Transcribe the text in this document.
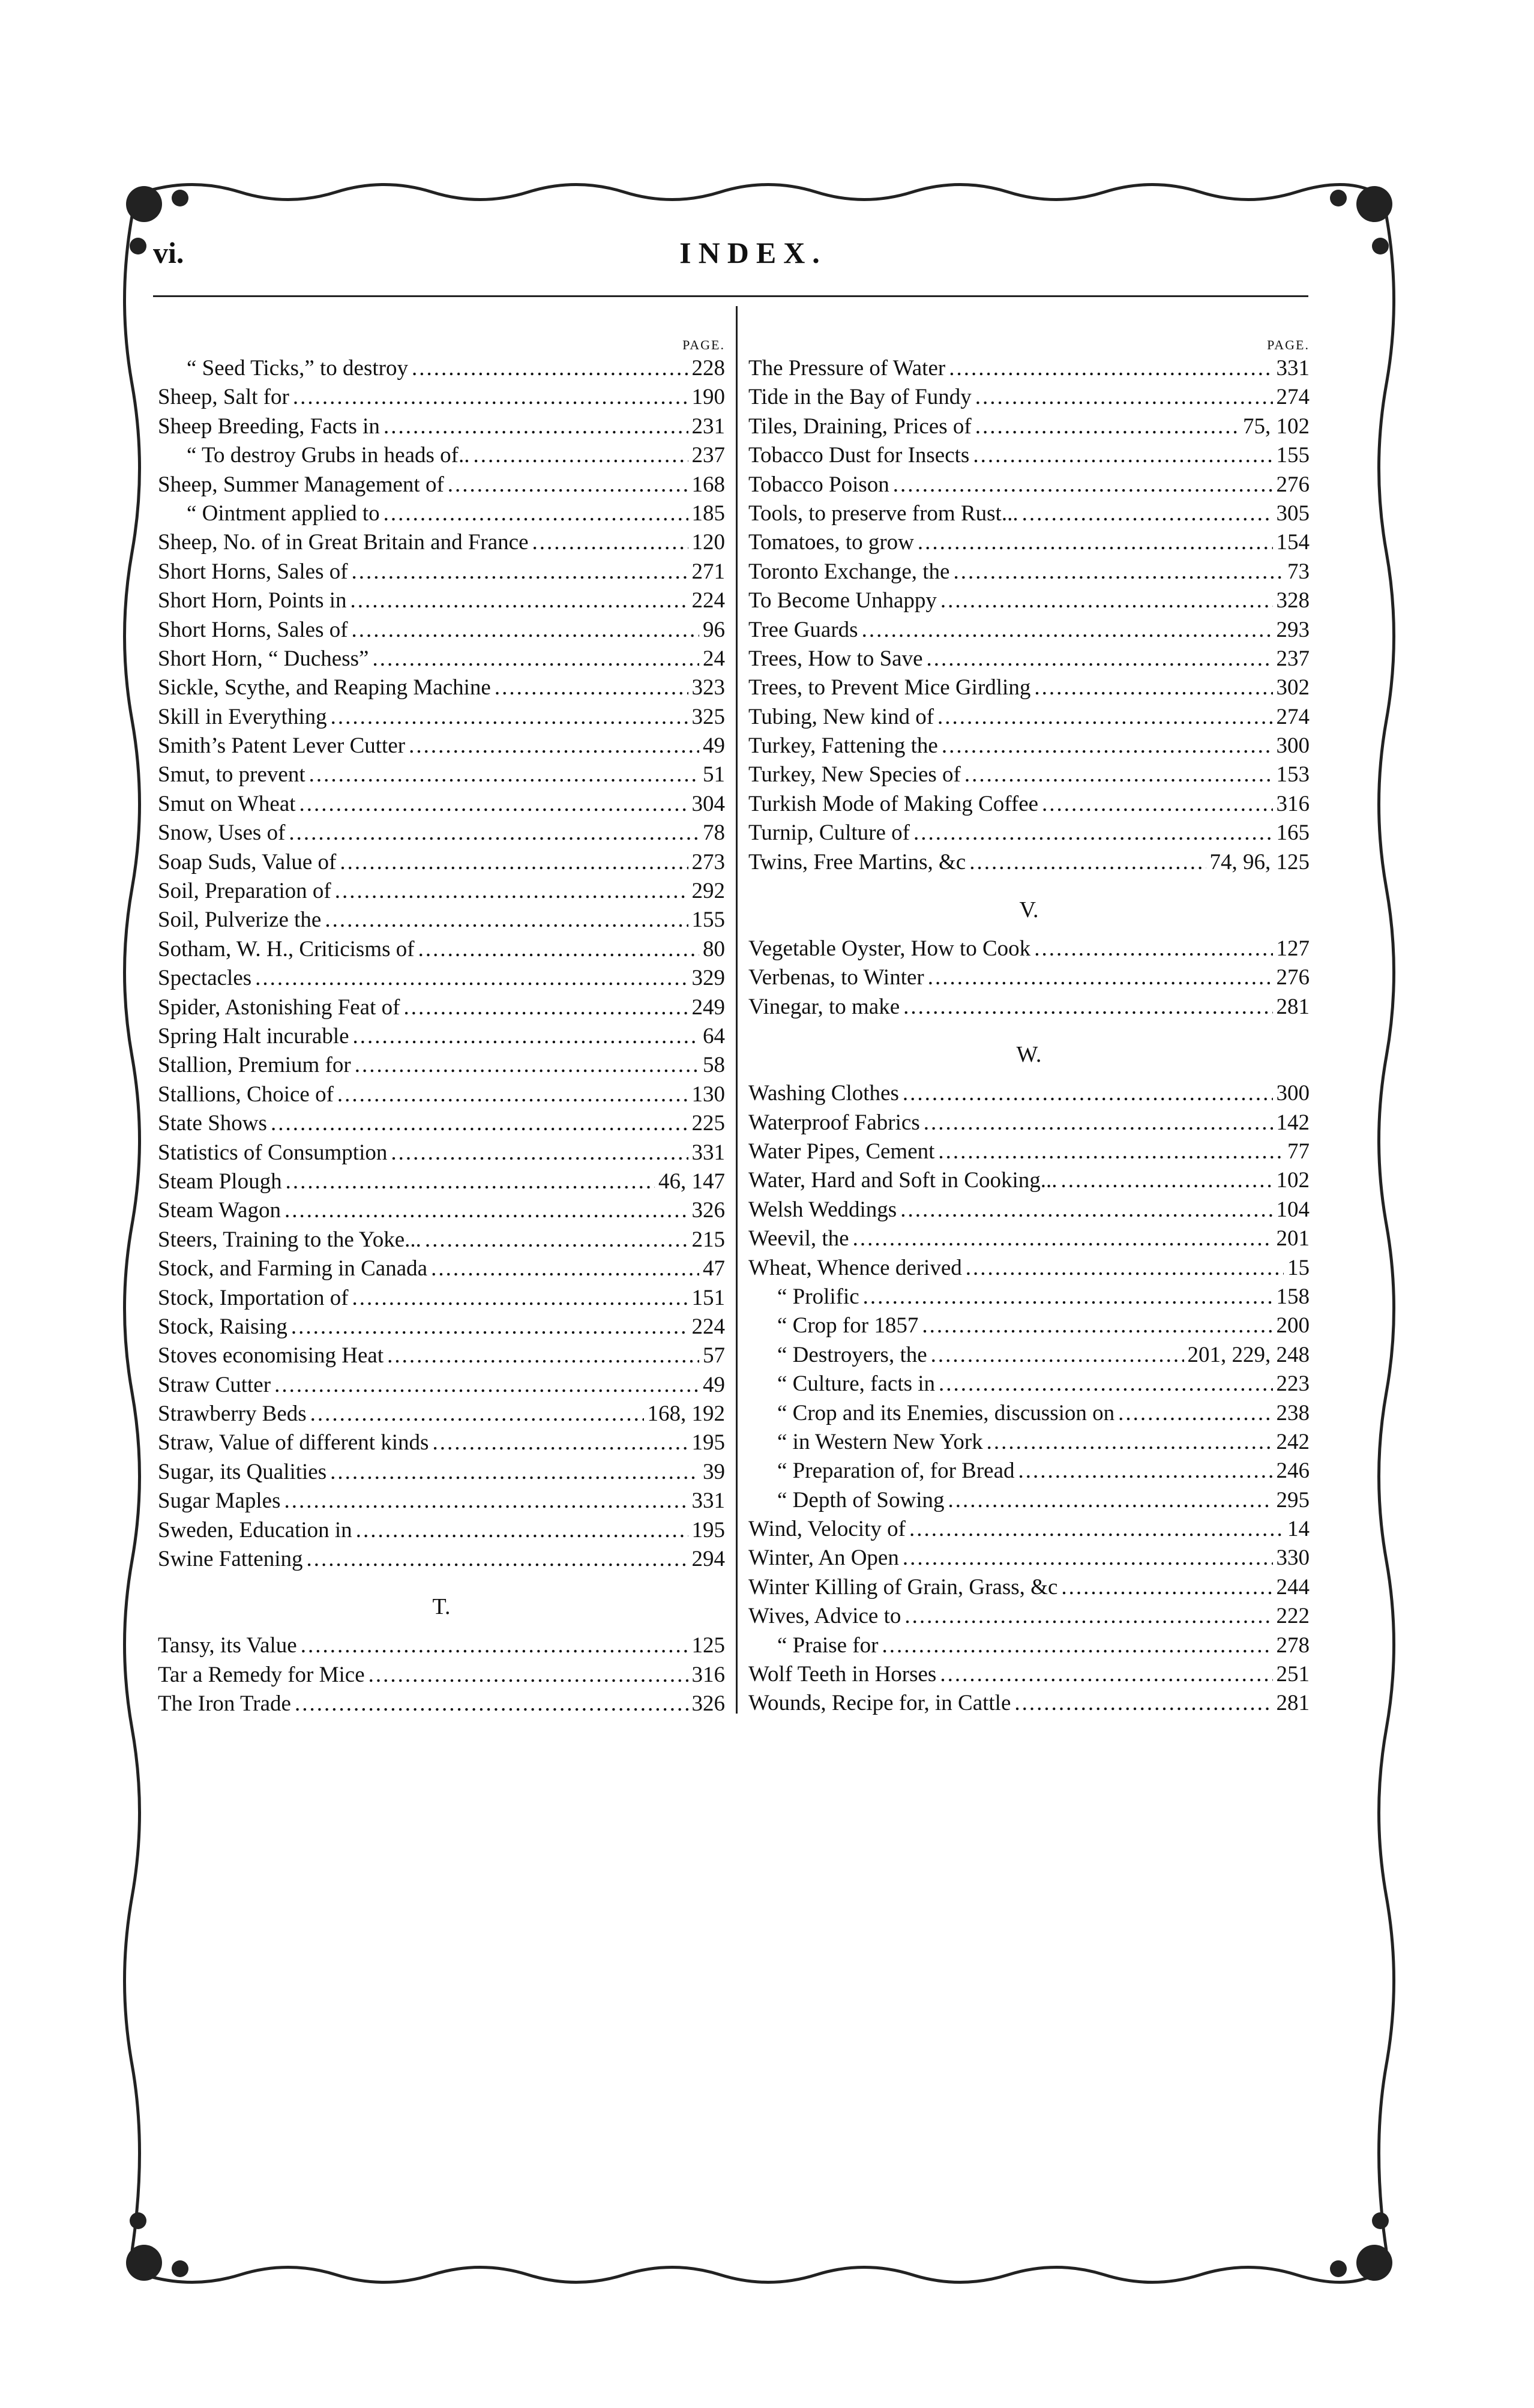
vi.	INDEX.
PAGE.
“ Seed Ticks,” to destroy .....	228
Sheep, Salt for .....	190
Sheep Breeding, Facts in .....	231
“ To destroy Grubs in heads of.. .....	237
Sheep, Summer Management of .....	168
“ Ointment applied to .....	185
Sheep, No. of in Great Britain and France .....	120
Short Horns, Sales of .....	271
Short Horn, Points in .....	224
Short Horns, Sales of .....	96
Short Horn, “ Duchess” .....	24
Sickle, Scythe, and Reaping Machine .....	323
Skill in Everything .....	325
Smith’s Patent Lever Cutter .....	49
Smut, to prevent .....	51
Smut on Wheat .....	304
Snow, Uses of .....	78
Soap Suds, Value of .....	273
Soil, Preparation of .....	292
Soil, Pulverize the .....	155
Sotham, W. H., Criticisms of .....	80
Spectacles .....	329
Spider, Astonishing Feat of .....	249
Spring Halt incurable .....	64
Stallion, Premium for .....	58
Stallions, Choice of .....	130
State Shows .....	225
Statistics of Consumption .....	331
Steam Plough .....	46, 147
Steam Wagon .....	326
Steers, Training to the Yoke... .....	215
Stock, and Farming in Canada .....	47
Stock, Importation of .....	151
Stock, Raising .....	224
Stoves economising Heat .....	57
Straw Cutter .....	49
Strawberry Beds .....	168, 192
Straw, Value of different kinds .....	195
Sugar, its Qualities .....	39
Sugar Maples .....	331
Sweden, Education in .....	195
Swine Fattening .....	294
T.
Tansy, its Value .....	125
Tar a Remedy for Mice .....	316
The Iron Trade .....	326
PAGE.
The Pressure of Water .....	331
Tide in the Bay of Fundy .....	274
Tiles, Draining, Prices of .....	75, 102
Tobacco Dust for Insects .....	155
Tobacco Poison .....	276
Tools, to preserve from Rust... .....	305
Tomatoes, to grow .....	154
Toronto Exchange, the .....	73
To Become Unhappy .....	328
Tree Guards .....	293
Trees, How to Save .....	237
Trees, to Prevent Mice Girdling .....	302
Tubing, New kind of .....	274
Turkey, Fattening the .....	300
Turkey, New Species of .....	153
Turkish Mode of Making Coffee .....	316
Turnip, Culture of .....	165
Twins, Free Martins, &c .....	74, 96, 125
V.
Vegetable Oyster, How to Cook .....	127
Verbenas, to Winter .....	276
Vinegar, to make .....	281
W.
Washing Clothes .....	300
Waterproof Fabrics .....	142
Water Pipes, Cement .....	77
Water, Hard and Soft in Cooking... .....	102
Welsh Weddings .....	104
Weevil, the .....	201
Wheat, Whence derived .....	15
“ Prolific .....	158
“ Crop for 1857 .....	200
“ Destroyers, the .....	201, 229, 248
“ Culture, facts in .....	223
“ Crop and its Enemies, discussion on .....	238
“ in Western New York .....	242
“ Preparation of, for Bread .....	246
“ Depth of Sowing .....	295
Wind, Velocity of .....	14
Winter, An Open .....	330
Winter Killing of Grain, Grass, &c .....	244
Wives, Advice to .....	222
“ Praise for .....	278
Wolf Teeth in Horses .....	251
Wounds, Recipe for, in Cattle .....	281
